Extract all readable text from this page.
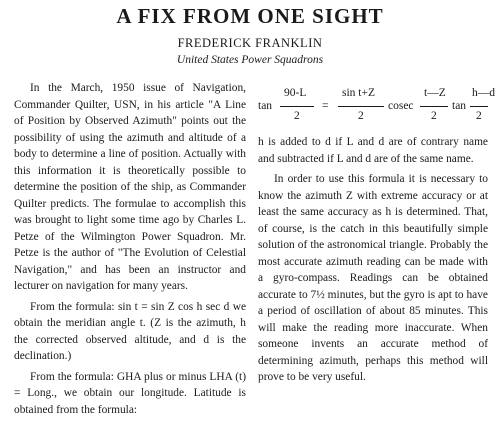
A FIX FROM ONE SIGHT
FREDERICK FRANKLIN
United States Power Squadrons

In the March, 1950 issue of Navigation, Commander Quilter, USN, in his article "A Line of Position by Observed Azimuth" points out the possibility of using the azimuth and altitude of a body to determine a line of position. Actually with this information it is theoretically possible to determine the position of the ship, as Commander Quilter predicts. The formulae to accomplish this was brought to light some time ago by Charles L. Petze of the Wilmington Power Squadron. Mr. Petze is the author of "The Evolution of Celestial Navigation," and has been an instructor and lecturer on navigation for many years.

From the formula: sin t = sin Z cos h sec d we obtain the meridian angle t. (Z is the azimuth, h the corrected observed altitude, and d is the declination.)

From the formula: GHA plus or minus LHA (t) = Long., we obtain our longitude. Latitude is obtained from the formula:

tan
90-L
2
=
sin t+Z
2
cosec
t—Z
2
tan
h—d
2

h is added to d if L and d are of contrary name and subtracted if L and d are of the same name.

In order to use this formula it is necessary to know the azimuth Z with extreme accuracy or at least the same accuracy as h is determined. That, of course, is the catch in this beautifully simple solution of the astronomical triangle. Probably the most accurate azimuth reading can be made with a gyro-compass. Readings can be obtained accurate to 7½ minutes, but the gyro is apt to have a period of oscillation of about 85 minutes. This will make the reading more inaccurate. When someone invents an accurate method of determining azimuth, perhaps this method will prove to be very useful.
